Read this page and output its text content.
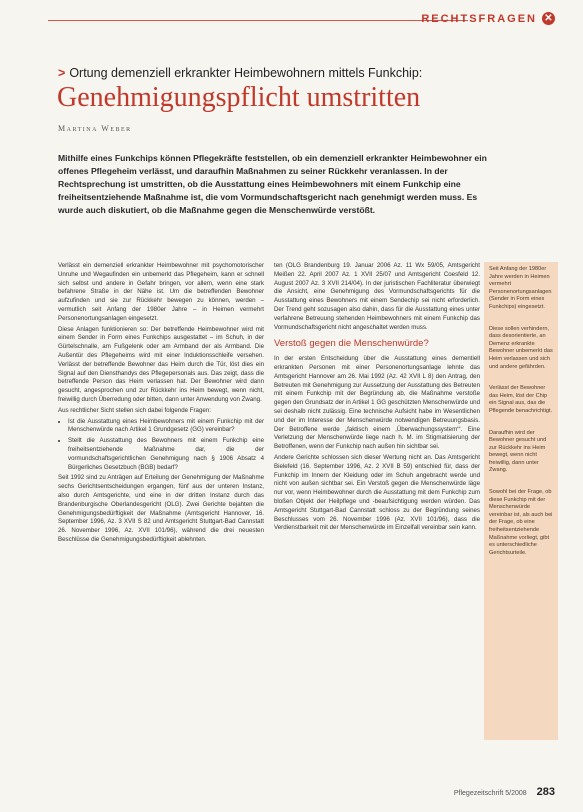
RECHTSFRAGEN ✕
> Ortung demenziell erkrankter Heimbewohnern mittels Funkchip:
Genehmigungspflicht umstritten
Martina Weber
Mithilfe eines Funkchips können Pflegekräfte feststellen, ob ein demenziell erkrankter Heimbewohner ein offenes Pflegeheim verlässt, und daraufhin Maßnahmen zu seiner Rückkehr veranlassen. In der Rechtsprechung ist umstritten, ob die Ausstattung eines Heimbewohners mit einem Funkchip eine freiheitsentziehende Maßnahme ist, die vom Vormundschaftsgericht nach genehmigt werden muss. Es wurde auch diskutiert, ob die Maßnahme gegen die Menschenwürde verstößt.

Verlässt ein demenziell erkrankter Heimbewohner mit psychomotorischer Unruhe und Wegaufinden ein unbemerkt das Pflegeheim, kann er schnell sich selbst und andere in Gefahr bringen, vor allem, wenn eine stark befahrene Straße in der Nähe ist. Um die betreffenden Bewohner aufzufinden und sie zur Rückkehr bewegen zu können, werden – vermutlich seit Anfang der 1980er Jahre – in Heimen vermehrt Personenortungsanlagen eingesetzt.

Diese Anlagen funktionieren so: Der betreffende Heimbewohner wird mit einem Sender in Form eines Funkchips ausgestattet – im Schuh, in der Gürtelschnalle, am Fußgelenk oder am Armband der als Armband. Die Außentür des Pflegeheims wird mit einer Induktionsschleife versehen. Verlässt der betreffende Bewohner das Heim durch die Tür, löst dies ein Signal auf den Diensthandys des Pflegepersonals aus. Das zeigt, dass die betreffende Person das Heim verlassen hat. Der Bewohner wird dann gesucht, angesprochen und zur Rückkehr ins Heim bewegt, wenn nicht, freiwillig durch Überredung oder bitten, dann unter Anwendung von Zwang.

Aus rechtlicher Sicht stellen sich dabei folgende Fragen:

• Ist die Ausstattung eines Heimbewohners mit einem Funkchip mit der Menschenwürde nach Artikel 1 Grundgesetz (GG) vereinbar?
• Stellt die Ausstattung des Bewohners mit einem Funkchip eine freiheitsentziehende Maßnahme dar, die der vormundschaftsgerichtlichen Genehmigung nach § 1906 Absatz 4 Bürgerliches Gesetzbuch (BGB) bedarf?

Seit 1992 sind zu Anträgen auf Erteilung der Genehmigung der Maßnahme sechs Gerichtsentscheidungen ergangen, fünf aus der unteren Instanz, also durch Amtsgerichte, und eine in der dritten Instanz durch das Brandenburgische Oberlandesgericht (OLG). Zwei Gerichte bejahten die Genehmigungsbedürftigkeit der Maßnahme (Amtsgericht Hannover, 16. September 1996, Az. 3 XVII S 82 und Amtsgericht Stuttgart-Bad Cannstatt 26. November 1996, Az. XVII 101/96), während die drei neuesten Beschlüsse die Genehmigungsbedürftigkeit ablehnten.

ten (OLG Brandenburg 19. Januar 2006 Az. 11 Wx 59/05, Amtsgericht Meißen 22. April 2007 Az. 1 XVII 25/07 und Amtsgericht Coesfeld 12. August 2007 Az. 3 XVII 214/04). In der juristischen Fachliteratur überwiegt die Ansicht, eine Genehmigung des Vormundschaftsgerichts für die Ausstattung eines Bewohners mit einem Sendechip sei nicht erforderlich. Der Trend geht sozusagen also dahin, dass für die Ausstattung eines unter verfahrene Betreuung stehenden Heimbewohners mit einem Funkchip das Vormundschaftsgericht nicht angeschaltet werden muss.

Verstoß gegen die Menschenwürde?

In der ersten Entscheidung über die Ausstattung eines dementiell erkrankten Personen mit einer Personenortungsanlage lehnte das Amtsgericht Hannover am 26. Mai 1992 (Az. 42 XVII L 8) den Antrag, den Betreuten mit Genehmigung zur Aussetzung der Ausstattung des Betreuten mit einem Funkchip mit der Begründung ab, die Maßnahme verstoße gegen den Grundsatz der in Artikel 1 GG geschützten Menschenwürde und sei deshalb nicht zulässig. Eine technische Aufsicht habe im Wesentlichen und der im Interesse der Menschenwürde notwendigen Betreuungsbasis. Der Betroffene werde „faktisch einem ‚Überwachungssystem‘“. Eine Verletzung der Menschenwürde liege nach h. M. im Stigmatisierung der Betroffenen, wenn der Funkchip nach außen hin sichtbar sei.

Andere Gerichte schlossen sich dieser Wertung nicht an. Das Amtsgericht Bielefeld (16. September 1996, Az. 2 XVII B 59) entschied für, dass der Funkchip im Innern der Kleidung oder im Schuh angebracht werde und nicht von außen sichtbar sei. Ein Verstoß gegen die Menschenwürde läge nur vor, wenn Heimbewohner durch die Ausstattung mit dem Funkchip zum bloßen Objekt der Heilpflege und -beaufsichtigung werden würden. Das Amtsgericht Stuttgart-Bad Cannstatt schloss zu der Begründung seines Beschlusses vom 26. November 1996 (Az. XVII 101/96), dass die Verdienstbarkeit mit der Menschenwürde im Einzelfall vereinbar sein kann.

Seit Anfang der 1980er Jahre werden in Heimen vermehrt Personenortungsanlagen (Sender in Form eines Funkchips) eingesetzt.

Diese sollen verhindern, dass desorientierte, an Demenz erkrankte Bewohner unbemerkt das Heim verlassen und sich und andere gefährden.

Verlässt der Bewohner das Heim, löst der Chip ein Signal aus, das die Pflegende benachrichtigt.

Daraufhin wird der Bewohner gesucht und zur Rückkehr ins Heim bewegt, wenn nicht freiwillig, dann unter Zwang.

Sowohl bei der Frage, ob diese Funkchip mit der Menschenwürde vereinbar ist, als auch bei der Frage, ob eine freiheitsentziehende Maßnahme vorliegt, gibt es unterschiedliche Gerichtsurteile.

Pflegezeitschrift 5/2008 283
